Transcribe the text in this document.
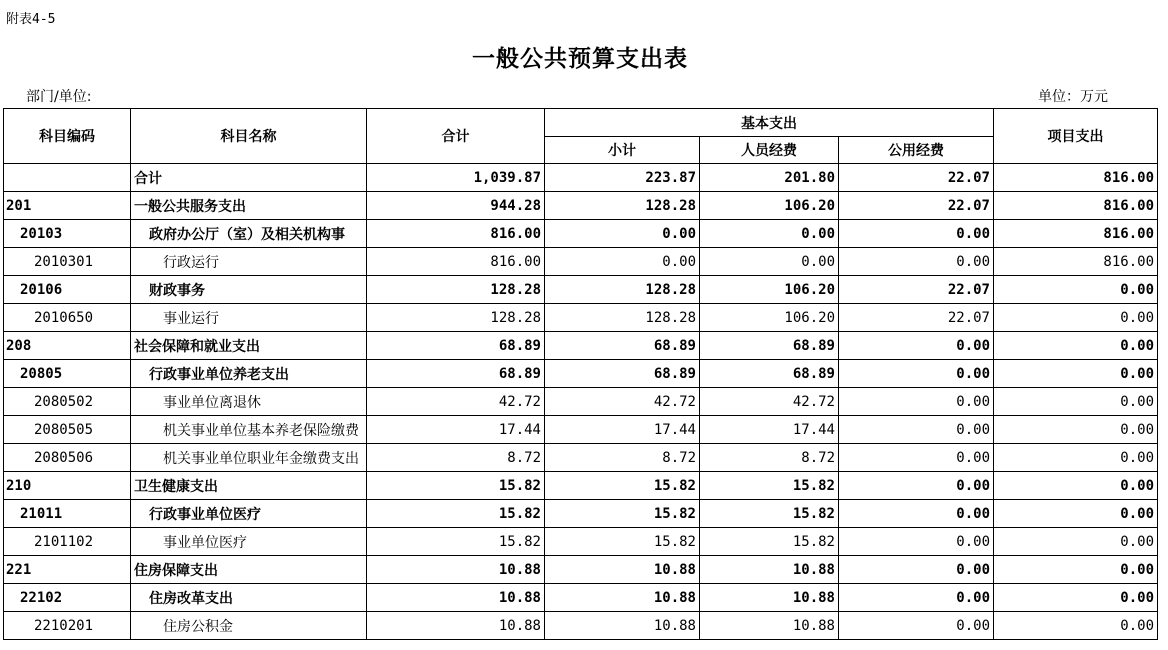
附表4-5
一般公共预算支出表
部门/单位:	单位：万元
科目编码	科目名称	合计	基本支出			项目支出
			小计	人员经费	公用经费	
	合计	1,039.87	223.87	201.80	22.07	816.00
201	一般公共服务支出	944.28	128.28	106.20	22.07	816.00
20103	政府办公厅（室）及相关机构事	816.00	0.00	0.00	0.00	816.00
2010301	行政运行	816.00	0.00	0.00	0.00	816.00
20106	财政事务	128.28	128.28	106.20	22.07	0.00
2010650	事业运行	128.28	128.28	106.20	22.07	0.00
208	社会保障和就业支出	68.89	68.89	68.89	0.00	0.00
20805	行政事业单位养老支出	68.89	68.89	68.89	0.00	0.00
2080502	事业单位离退休	42.72	42.72	42.72	0.00	0.00
2080505	机关事业单位基本养老保险缴费	17.44	17.44	17.44	0.00	0.00
2080506	机关事业单位职业年金缴费支出	8.72	8.72	8.72	0.00	0.00
210	卫生健康支出	15.82	15.82	15.82	0.00	0.00
21011	行政事业单位医疗	15.82	15.82	15.82	0.00	0.00
2101102	事业单位医疗	15.82	15.82	15.82	0.00	0.00
221	住房保障支出	10.88	10.88	10.88	0.00	0.00
22102	住房改革支出	10.88	10.88	10.88	0.00	0.00
2210201	住房公积金	10.88	10.88	10.88	0.00	0.00
